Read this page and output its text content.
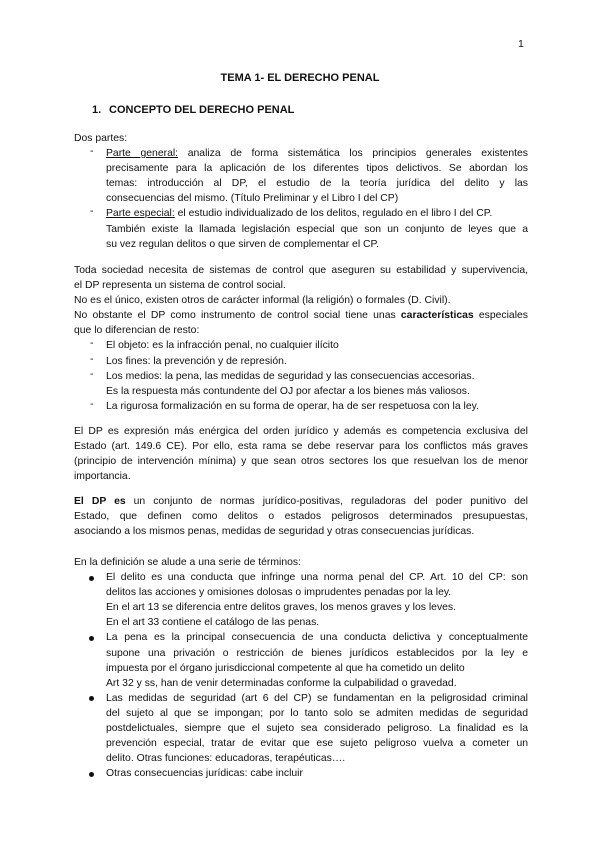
1
TEMA 1- EL DERECHO PENAL
1. CONCEPTO DEL DERECHO PENAL
Dos partes:
- Parte general: analiza de forma sistemática los principios generales existentes
precisamente para la aplicación de los diferentes tipos delictivos. Se abordan los
temas: introducción al DP, el estudio de la teoría jurídica del delito y las
consecuencias del mismo. (Título Preliminar y el Libro I del CP)
- Parte especial: el estudio individualizado de los delitos, regulado en el libro I del CP.
También existe la llamada legislación especial que son un conjunto de leyes que a
su vez regulan delitos o que sirven de complementar el CP.
Toda sociedad necesita de sistemas de control que aseguren su estabilidad y supervivencia,
el DP representa un sistema de control social.
No es el único, existen otros de carácter informal (la religión) o formales (D. Civil).
No obstante el DP como instrumento de control social tiene unas características especiales
que lo diferencian de resto:
- El objeto: es la infracción penal, no cualquier ilícito
- Los fines: la prevención y de represión.
- Los medios: la pena, las medidas de seguridad y las consecuencias accesorias.
Es la respuesta más contundente del OJ por afectar a los bienes más valiosos.
- La rigurosa formalización en su forma de operar, ha de ser respetuosa con la ley.
El DP es expresión más enérgica del orden jurídico y además es competencia exclusiva del
Estado (art. 149.6 CE). Por ello, esta rama se debe reservar para los conflictos más graves
(principio de intervención mínima) y que sean otros sectores los que resuelvan los de menor
importancia.
El DP es un conjunto de normas jurídico-positivas, reguladoras del poder punitivo del
Estado, que definen como delitos o estados peligrosos determinados presupuestas,
asociando a los mismos penas, medidas de seguridad y otras consecuencias jurídicas.
En la definición se alude a una serie de términos:
El delito es una conducta que infringe una norma penal del CP. Art. 10 del CP: son
delitos las acciones y omisiones dolosas o imprudentes penadas por la ley.
En el art 13 se diferencia entre delitos graves, los menos graves y los leves.
En el art 33 contiene el catálogo de las penas.
La pena es la principal consecuencia de una conducta delictiva y conceptualmente
supone una privación o restricción de bienes jurídicos establecidos por la ley e
impuesta por el órgano jurisdiccional competente al que ha cometido un delito
Art 32 y ss, han de venir determinadas conforme la culpabilidad o gravedad.
Las medidas de seguridad (art 6 del CP) se fundamentan en la peligrosidad criminal
del sujeto al que se impongan; por lo tanto solo se admiten medidas de seguridad
postdelictuales, siempre que el sujeto sea considerado peligroso. La finalidad es la
prevención especial, tratar de evitar que ese sujeto peligroso vuelva a cometer un
delito. Otras funciones: educadoras, terapéuticas….
Otras consecuencias jurídicas: cabe incluir
